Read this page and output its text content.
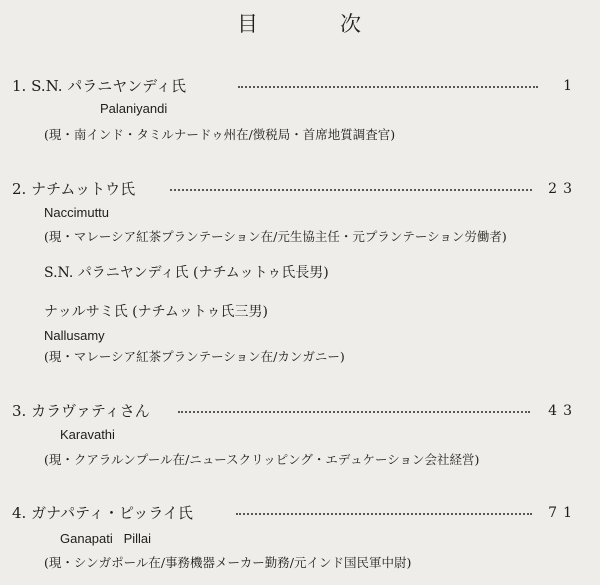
目	次
1. S.N. パラニヤンディ氏	1
Palaniyandi
(現・南インド・タミルナードゥ州在/徴税局・首席地質調査官)
2. ナチムットウ氏	23
Naccimuttu
(現・マレーシア紅茶プランテーション在/元生協主任・元プランテーション労働者)
S.N. パラニヤンディ氏 (ナチムットゥ氏長男)
ナッルサミ氏 (ナチムットゥ氏三男)
Nallusamy
(現・マレーシア紅茶プランテーション在/カンガニー)
3. カラヴァティさん	43
Karavathi
(現・クアラルンプール在/ニュースクリッピング・エデュケーション会社経営)
4. ガナパティ・ピッライ氏	71
Ganapati   Pillai
(現・シンガポール在/事務機器メーカー勤務/元インド国民軍中尉)
